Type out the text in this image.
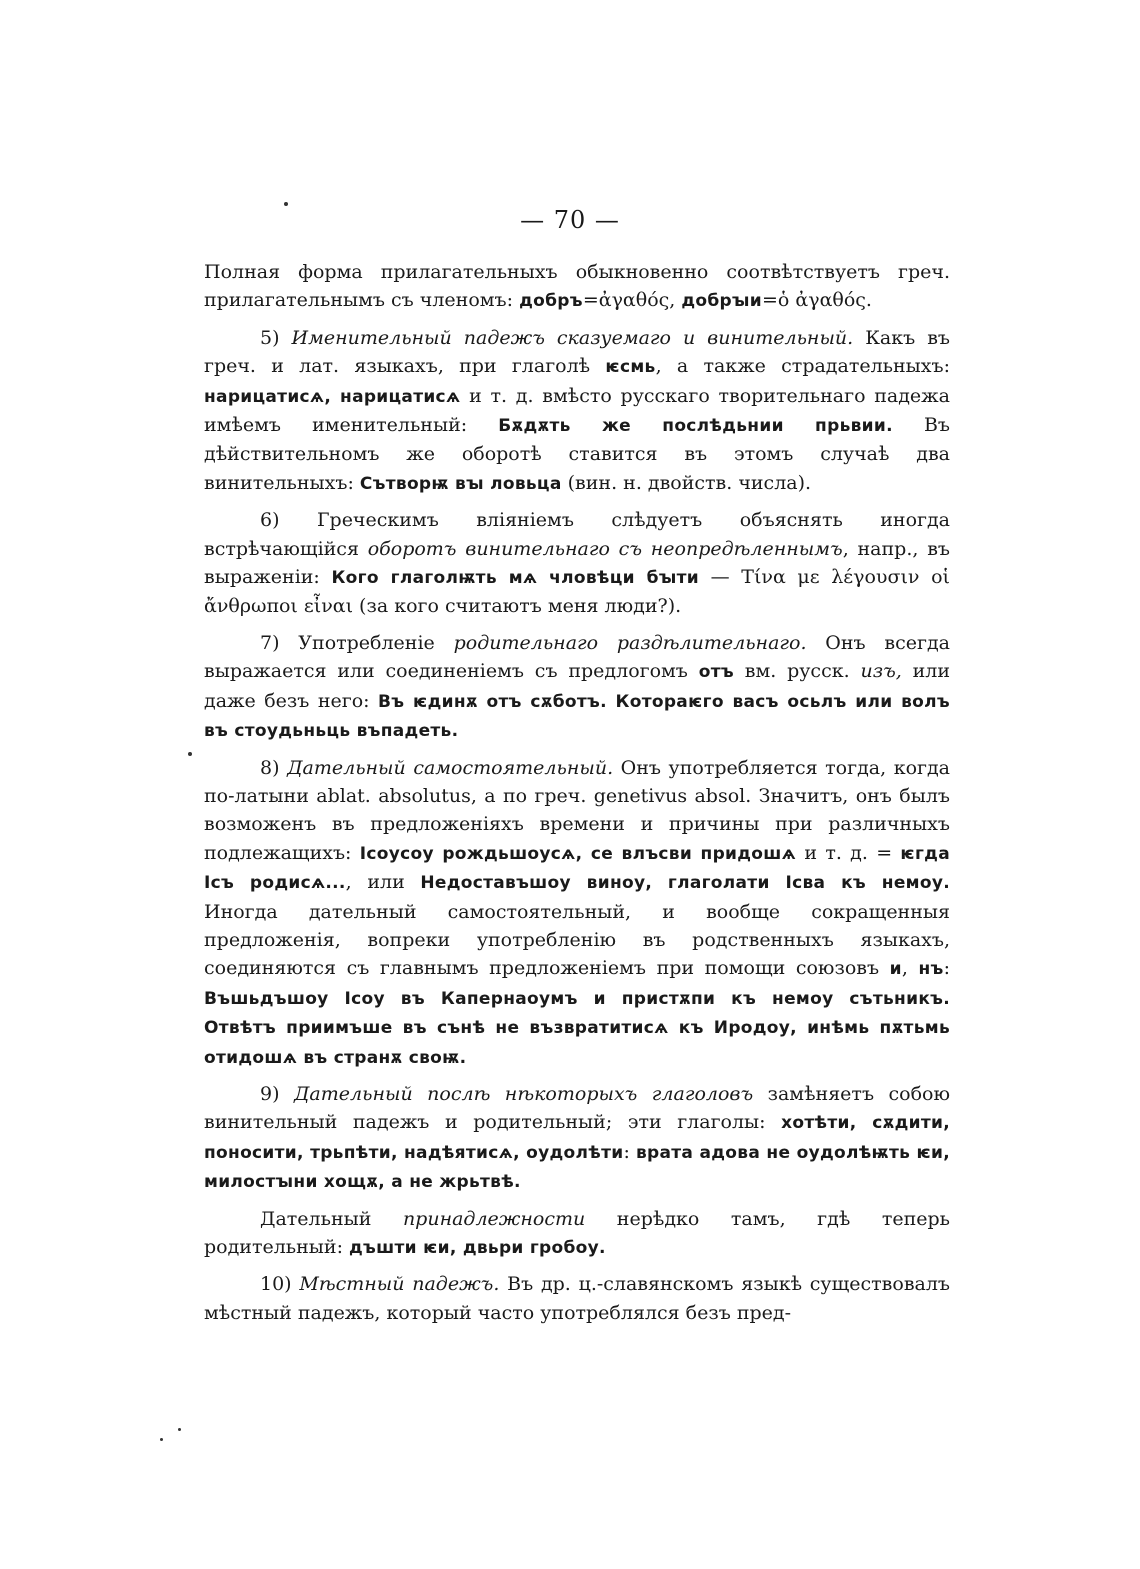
— 70 —

Полная форма прилагательныхъ обыкновенно соотвѣтствуетъ греч. прилагательнымъ съ членомъ: добръ=ἀγαθός, добрꙑи=ὁ ἀγαθός.

5) Именительный падежъ сказуемаго и винительный. Какъ въ греч. и лат. языкахъ, при глаголѣ ѥсмь, а также страдательныхъ: нарицатисѧ, нарицатисѧ и т. д. вмѣсто русскаго творительнаго падежа имѣемъ именительный: Бѫдѫть же послѣдьнии прьвии. Въ дѣйствительномъ же оборотѣ ставится въ этомъ случаѣ два винительныхъ: Сътворѭ вꙑ ловьца (вин. н. двойств. числа).

6) Греческимъ вліяніемъ слѣдуетъ объяснять иногда встрѣчающійся оборотъ винительнаго съ неопредѣленнымъ, напр., въ выраженіи: Кого глаголѭть мѧ чловѣци бꙑти — Τίνα με λέγουσιν οἱ ἄνθρωποι εἶναι (за кого считаютъ меня люди?).

7) Употребленіе родительнаго раздѣлительнаго. Онъ всегда выражается или соединеніемъ съ предлогомъ отъ вм. русск. изъ, или даже безъ него: Въ ѥдинѫ отъ сѫботъ. Котораѥго васъ осьлъ или волъ въ стоудьньць въпадеть.

8) Дательный самостоятельный. Онъ употребляется тогда, когда по-латыни ablat. absolutus, а по греч. genetivus absol. Значитъ, онъ былъ возможенъ въ предложеніяхъ времени и причины при различныхъ подлежащихъ: Ісоусоу рождьшоусѧ, се влъсви придошѧ и т. д. = ѥгда Ісъ родисѧ..., или Недоставъшоу виноу, глаголати Ісва къ немоу. Иногда дательный самостоятельный, и вообще сокращенныя предложенія, вопреки употребленію въ родственныхъ языкахъ, соединяются съ главнымъ предложеніемъ при помощи союзовъ и, нъ: Въшьдъшоу Ісоу въ Капернаоумъ и пристѫпи къ немоу сътьникъ. Отвѣтъ приимъше въ сънѣ не възвратитисѧ къ Иродоу, инѣмь пѫтьмь отидошѧ въ странѫ своѭ.

9) Дательный послѣ нѣкоторыхъ глаголовъ замѣняетъ собою винительный падежъ и родительный; эти глаголы: хотѣти, сѫдити, поносити, трьпѣти, надѣятисѧ, оудолѣти: врата адова не оудолѣѭть ѥи, милостꙑни хощѫ, а не жрьтвѣ.

Дательный принадлежности нерѣдко тамъ, гдѣ теперь родительный: дъшти ѥи, двьри гробоу.

10) Мѣстный падежъ. Въ др. ц.-славянскомъ языкѣ существовалъ мѣстный падежъ, который часто употреблялся безъ пред-
